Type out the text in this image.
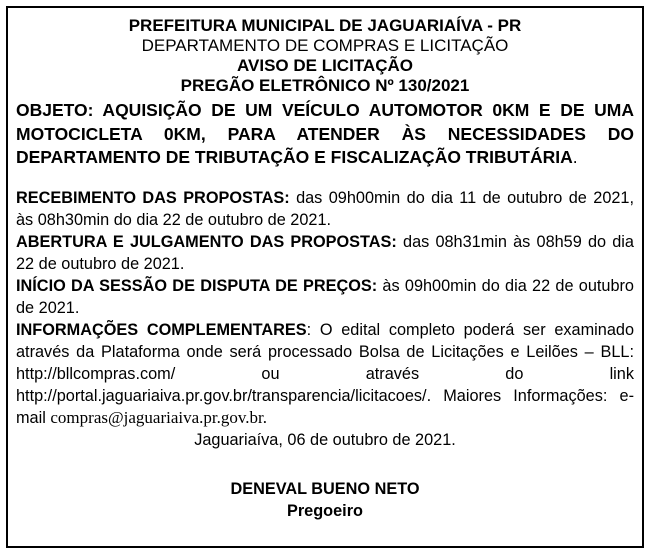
PREFEITURA MUNICIPAL DE JAGUARIAÍVA - PR
DEPARTAMENTO DE COMPRAS E LICITAÇÃO
AVISO DE LICITAÇÃO
PREGÃO ELETRÔNICO Nº 130/2021

OBJETO: AQUISIÇÃO DE UM VEÍCULO AUTOMOTOR 0KM E DE UMA MOTOCICLETA 0KM, PARA ATENDER ÀS NECESSIDADES DO DEPARTAMENTO DE TRIBUTAÇÃO E FISCALIZAÇÃO TRIBUTÁRIA.

RECEBIMENTO DAS PROPOSTAS: das 09h00min do dia 11 de outubro de 2021, às 08h30min do dia 22 de outubro de 2021.

ABERTURA E JULGAMENTO DAS PROPOSTAS: das 08h31min às 08h59 do dia 22 de outubro de 2021.

INÍCIO DA SESSÃO DE DISPUTA DE PREÇOS: às 09h00min do dia 22 de outubro de 2021.

INFORMAÇÕES COMPLEMENTARES: O edital completo poderá ser examinado através da Plataforma onde será processado Bolsa de Licitações e Leilões – BLL: http://bllcompras.com/ ou através do link http://portal.jaguariaiva.pr.gov.br/transparencia/licitacoes/. Maiores Informações: e-mail compras@jaguariaiva.pr.gov.br.

Jaguariaíva, 06 de outubro de 2021.
DENEVAL BUENO NETO
Pregoeiro
